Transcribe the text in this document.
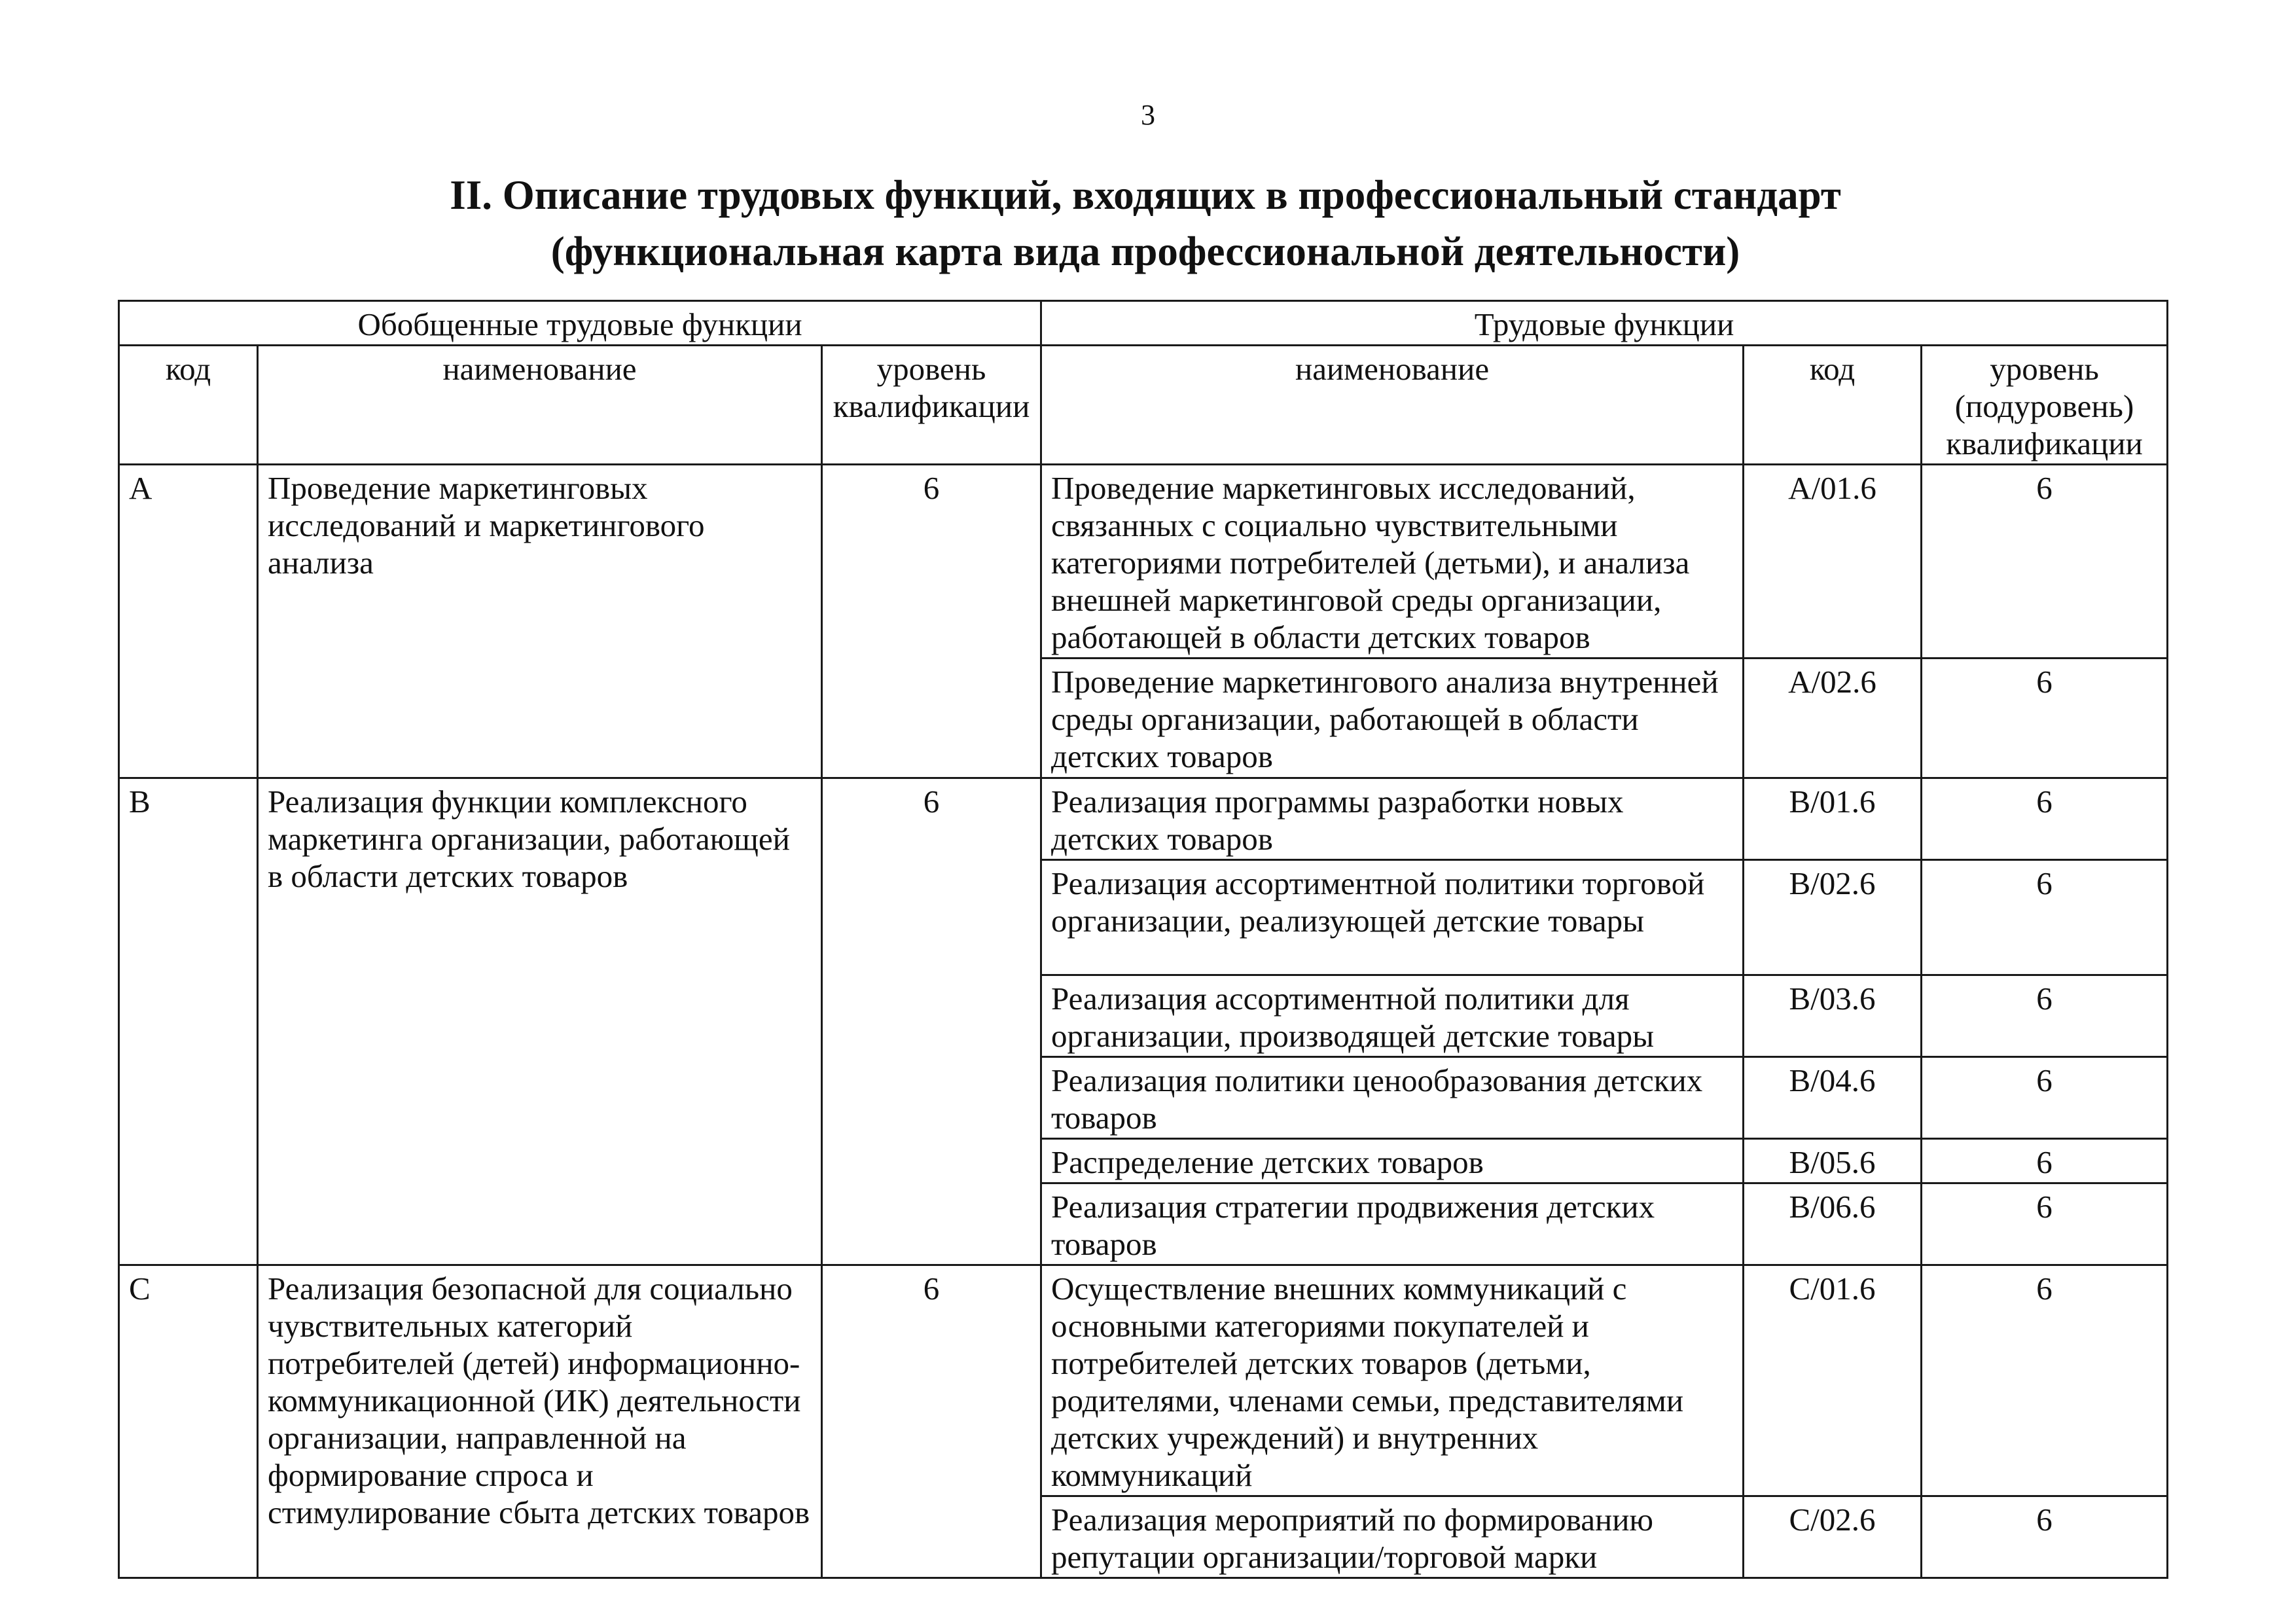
3
II. Описание трудовых функций, входящих в профессиональный стандарт
(функциональная карта вида профессиональной деятельности)
Обобщенные трудовые функции			Трудовые функции		
код	наименование	уровень квалификации	наименование	код	уровень (подуровень) квалификации
A	Проведение маркетинговых исследований и маркетингового анализа	6	Проведение маркетинговых исследований, связанных с социально чувствительными категориями потребителей (детьми), и анализа внешней маркетинговой среды организации, работающей в области детских товаров	A/01.6	6
			Проведение маркетингового анализа внутренней среды организации, работающей в области детских товаров	A/02.6	6
B	Реализация функции комплексного маркетинга организации, работающей в области детских товаров	6	Реализация программы разработки новых детских товаров	B/01.6	6
			Реализация ассортиментной политики торговой организации, реализующей детские товары	B/02.6	6
			Реализация ассортиментной политики для организации, производящей детские товары	B/03.6	6
			Реализация политики ценообразования детских товаров	B/04.6	6
			Распределение детских товаров	B/05.6	6
			Реализация стратегии продвижения детских товаров	B/06.6	6
C	Реализация безопасной для социально чувствительных категорий потребителей (детей) информационно-коммуникационной (ИК) деятельности организации, направленной на формирование спроса и стимулирование сбыта детских товаров	6	Осуществление внешних коммуникаций с основными категориями покупателей и потребителей детских товаров (детьми, родителями, членами семьи, представителями детских учреждений) и внутренних коммуникаций	C/01.6	6
			Реализация мероприятий по формированию репутации организации/торговой марки	C/02.6	6
